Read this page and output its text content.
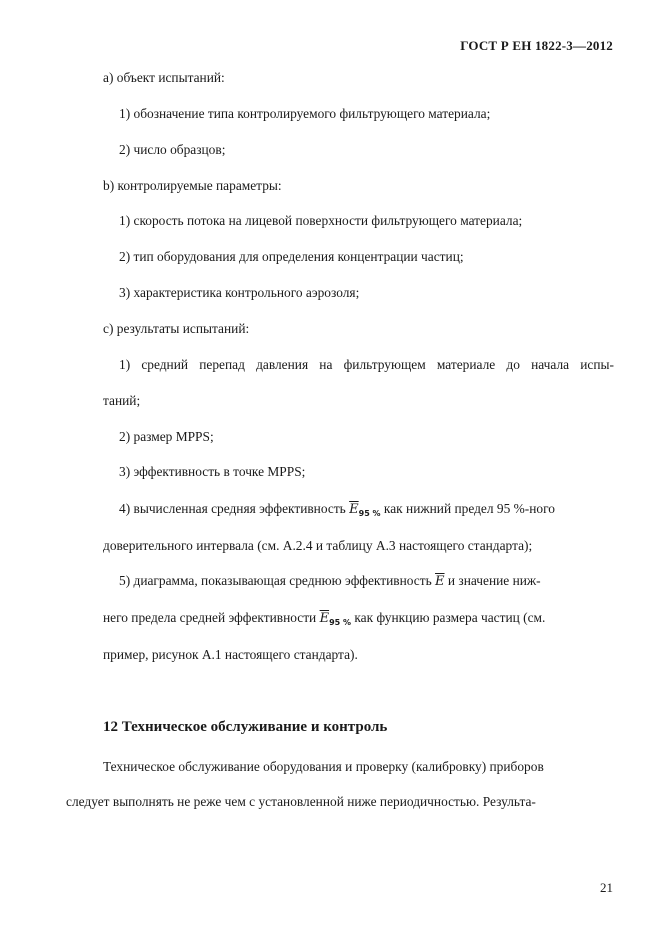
ГОСТ Р ЕН 1822-3—2012
а) объект испытаний:
1) обозначение типа контролируемого фильтрующего материала;
2) число образцов;
b) контролируемые параметры:
1) скорость потока на лицевой поверхности фильтрующего материала;
2) тип оборудования для определения концентрации частиц;
3) характеристика контрольного аэрозоля;
с) результаты испытаний:
1) средний перепад давления на фильтрующем материале до начала испы-
таний;
2) размер MPPS;
3) эффективность в точке MPPS;
4) вычисленная средняя эффективность $\overline{E}_{95 \%}$ как нижний предел 95 %-ного
доверительного интервала (см. А.2.4 и таблицу А.3 настоящего стандарта);
5) диаграмма, показывающая среднюю эффективность $\overline{E}$ и значение ниж-
него предела средней эффективности $\overline{E}_{95 \%}$ как функцию размера частиц (см.
пример, рисунок А.1 настоящего стандарта).
12 Техническое обслуживание и контроль
Техническое обслуживание оборудования и проверку (калибровку) приборов
следует выполнять не реже чем с установленной ниже периодичностью. Результа-
21
